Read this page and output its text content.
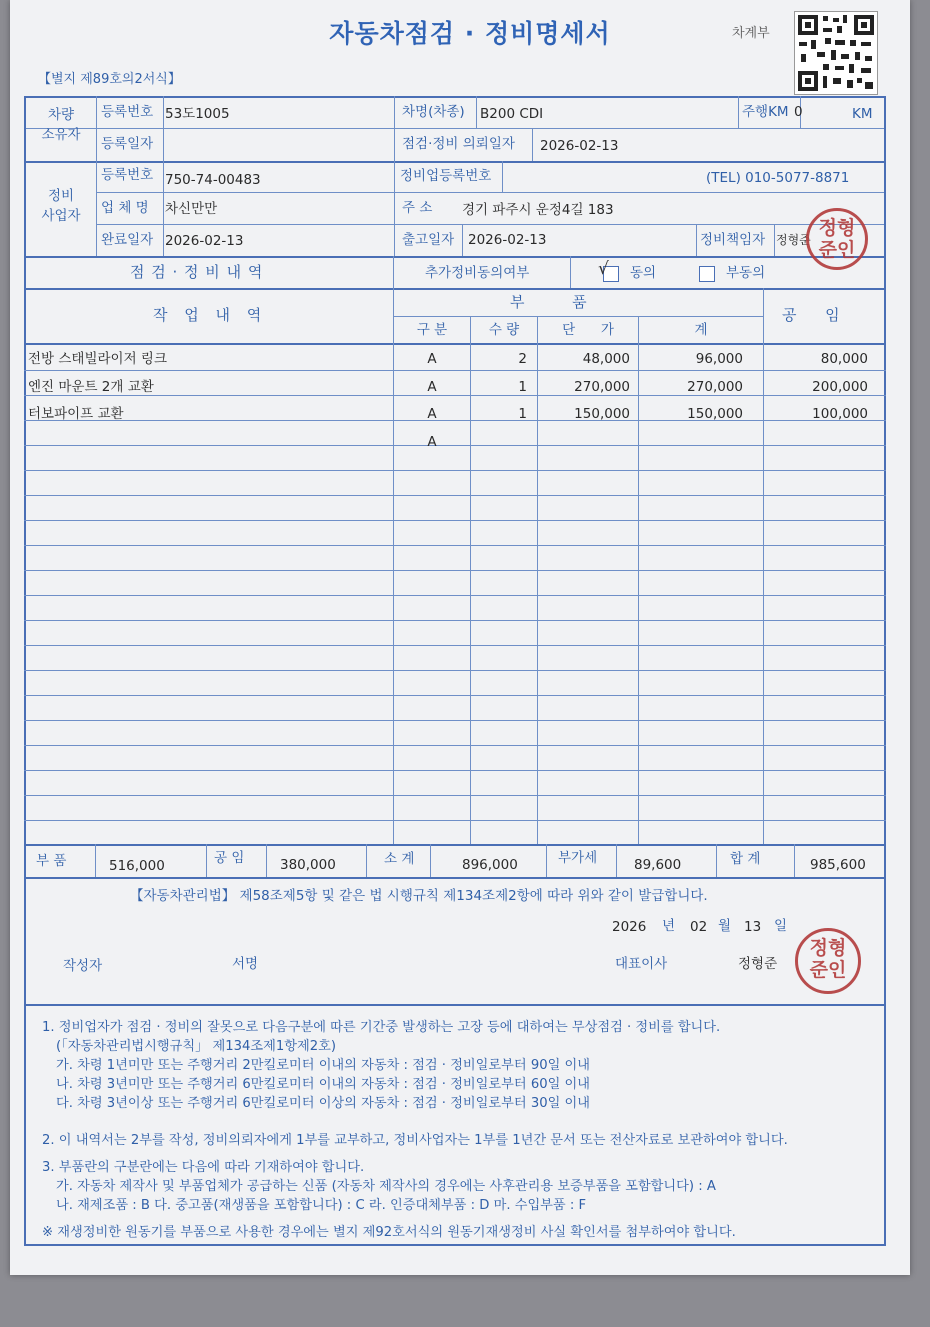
자동차점검 · 정비명세서	차계부
【별지 제89호의2서식】
차량
소유자
등록번호 53도1005	차명(차종) B200 CDI	주행KM 0	KM
등록일자	점검·정비 의뢰일자 2026-02-13
정비
사업자
등록번호 750-74-00483	정비업등록번호	(TEL) 010-5077-8871
업 체 명 차신만만	주 소 경기 파주시 운정4길 183
완료일자 2026-02-13	출고일자 2026-02-13	정비책임자 정형준
점 검 · 정 비 내 역	추가정비동의여부	√ 동의	부동의
작 업 내 역
부          품
공      임
구 분	수 량	단      가	계
전방 스태빌라이저 링크	A	2	48,000	96,000	80,000
엔진 마운트 2개 교환	A	1	270,000	270,000	200,000
터보파이프 교환	A	1	150,000	150,000	100,000
A
부 품	516,000	공 임	380,000	소 계	896,000	부가세	89,600	합 계	985,600
【자동차관리법】 제58조제5항 및 같은 법 시행규칙 제134조제2항에 따라 위와 같이 발급합니다.
2026 년 02 월 13 일
작성자	서명	대표이사	정형준
정형
준인
정형
준인
1. 정비업자가 점검 · 정비의 잘못으로 다음구분에 따른 기간중 발생하는 고장 등에 대하여는 무상점검 · 정비를 합니다.
(「자동차관리법시행규칙」 제134조제1항제2호)
가. 차령 1년미만 또는 주행거리 2만킬로미터 이내의 자동차 : 점검 · 정비일로부터 90일 이내
나. 차령 3년미만 또는 주행거리 6만킬로미터 이내의 자동차 : 점검 · 정비일로부터 60일 이내
다. 차령 3년이상 또는 주행거리 6만킬로미터 이상의 자동차 : 점검 · 정비일로부터 30일 이내
2. 이 내역서는 2부를 작성, 정비의뢰자에게 1부를 교부하고, 정비사업자는 1부를 1년간 문서 또는 전산자료로 보관하여야 합니다.
3. 부품란의 구분란에는 다음에 따라 기재하여야 합니다.
가. 자동차 제작사 및 부품업체가 공급하는 신품 (자동차 제작사의 경우에는 사후관리용 보증부품을 포함합니다) : A
나. 재제조품 : B 다. 중고품(재생품을 포함합니다) : C 라. 인증대체부품 : D 마. 수입부품 : F
※ 재생정비한 원동기를 부품으로 사용한 경우에는 별지 제92호서식의 원동기재생정비 사실 확인서를 첨부하여야 합니다.
